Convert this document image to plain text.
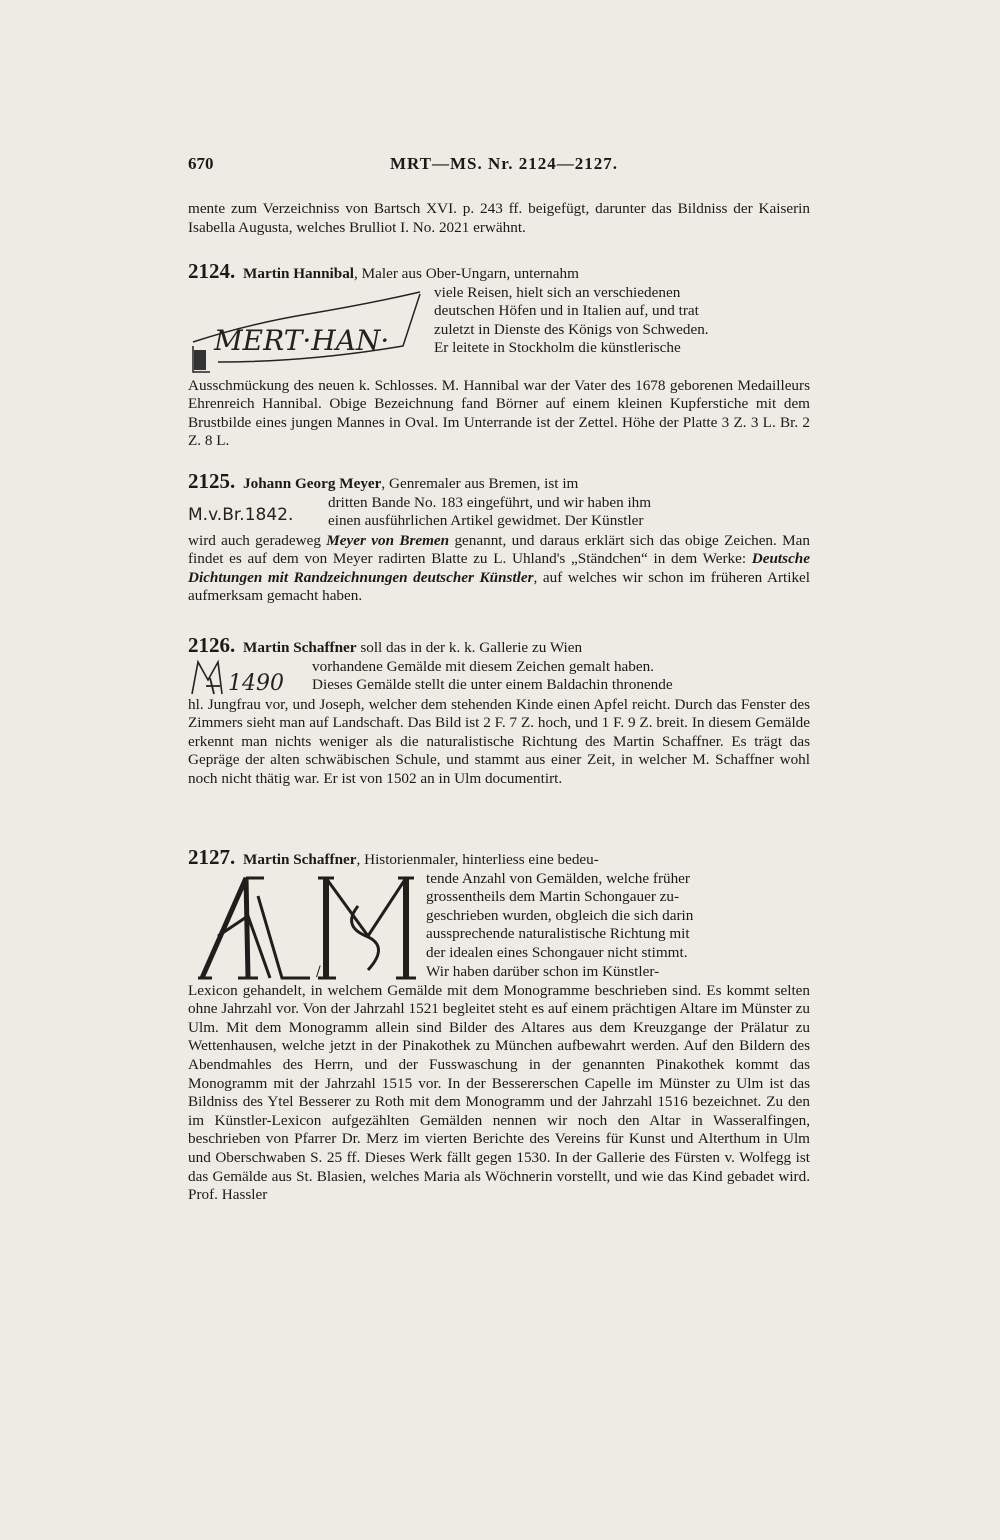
670	MRT—MS. Nr. 2124—2127.

mente zum Verzeichniss von Bartsch XVI. p. 243 ff. beigefügt, darunter das Bildniss der Kaiserin Isabella Augusta, welches Brulliot I. No. 2021 erwähnt.

2124. Martin Hannibal, Maler aus Ober-Ungarn, unternahm

MERT·HAN·
viele Reisen, hielt sich an verschiedenen
deutschen Höfen und in Italien auf, und trat
zuletzt in Dienste des Königs von Schweden.
Er leitete in Stockholm die künstlerische

Ausschmückung des neuen k. Schlosses. M. Hannibal war der Vater des 1678 geborenen Medailleurs Ehrenreich Hannibal. Obige Bezeichnung fand Börner auf einem kleinen Kupferstiche mit dem Brustbilde eines jungen Mannes in Oval. Im Unterrande ist der Zettel. Höhe der Platte 3 Z. 3 L. Br. 2 Z. 8 L.

2125. Johann Georg Meyer, Genremaler aus Bremen, ist im

M.v.Br.1842.
dritten Bande No. 183 eingeführt, und wir haben ihm
einen ausführlichen Artikel gewidmet. Der Künstler

wird auch geradeweg Meyer von Bremen genannt, und daraus erklärt sich das obige Zeichen. Man findet es auf dem von Meyer radirten Blatte zu L. Uhland's „Ständchen“ in dem Werke: Deutsche Dichtungen mit Randzeichnungen deutscher Künstler, auf welches wir schon im früheren Artikel aufmerksam gemacht haben.

2126. Martin Schaffner soll das in der k. k. Gallerie zu Wien

1490
vorhandene Gemälde mit diesem Zeichen gemalt haben.
Dieses Gemälde stellt die unter einem Baldachin thronende

hl. Jungfrau vor, und Joseph, welcher dem stehenden Kinde einen Apfel reicht. Durch das Fenster des Zimmers sieht man auf Landschaft. Das Bild ist 2 F. 7 Z. hoch, und 1 F. 9 Z. breit. In diesem Gemälde erkennt man nichts weniger als die naturalistische Richtung des Martin Schaffner. Es trägt das Gepräge der alten schwäbischen Schule, und stammt aus einer Zeit, in welcher M. Schaffner wohl noch nicht thätig war. Er ist von 1502 an in Ulm documentirt.

2127. Martin Schaffner, Historienmaler, hinterliess eine bedeu-

/
tende Anzahl von Gemälden, welche früher
grossentheils dem Martin Schongauer zu-
geschrieben wurden, obgleich die sich darin
aussprechende naturalistische Richtung mit
der idealen eines Schongauer nicht stimmt.
Wir haben darüber schon im Künstler-

Lexicon gehandelt, in welchem Gemälde mit dem Monogramme beschrieben sind. Es kommt selten ohne Jahrzahl vor. Von der Jahrzahl 1521 begleitet steht es auf einem prächtigen Altare im Münster zu Ulm. Mit dem Monogramm allein sind Bilder des Altares aus dem Kreuzgange der Prälatur zu Wettenhausen, welche jetzt in der Pinakothek zu München aufbewahrt werden. Auf den Bildern des Abendmahles des Herrn, und der Fusswaschung in der genannten Pinakothek kommt das Monogramm mit der Jahrzahl 1515 vor. In der Bessererschen Capelle im Münster zu Ulm ist das Bildniss des Ytel Besserer zu Roth mit dem Monogramm und der Jahrzahl 1516 bezeichnet. Zu den im Künstler-Lexicon aufgezählten Gemälden nennen wir noch den Altar in Wasseralfingen, beschrieben von Pfarrer Dr. Merz im vierten Berichte des Vereins für Kunst und Alterthum in Ulm und Oberschwaben S. 25 ff. Dieses Werk fällt gegen 1530. In der Gallerie des Fürsten v. Wolfegg ist das Gemälde aus St. Blasien, welches Maria als Wöchnerin vorstellt, und wie das Kind gebadet wird. Prof. Hassler
